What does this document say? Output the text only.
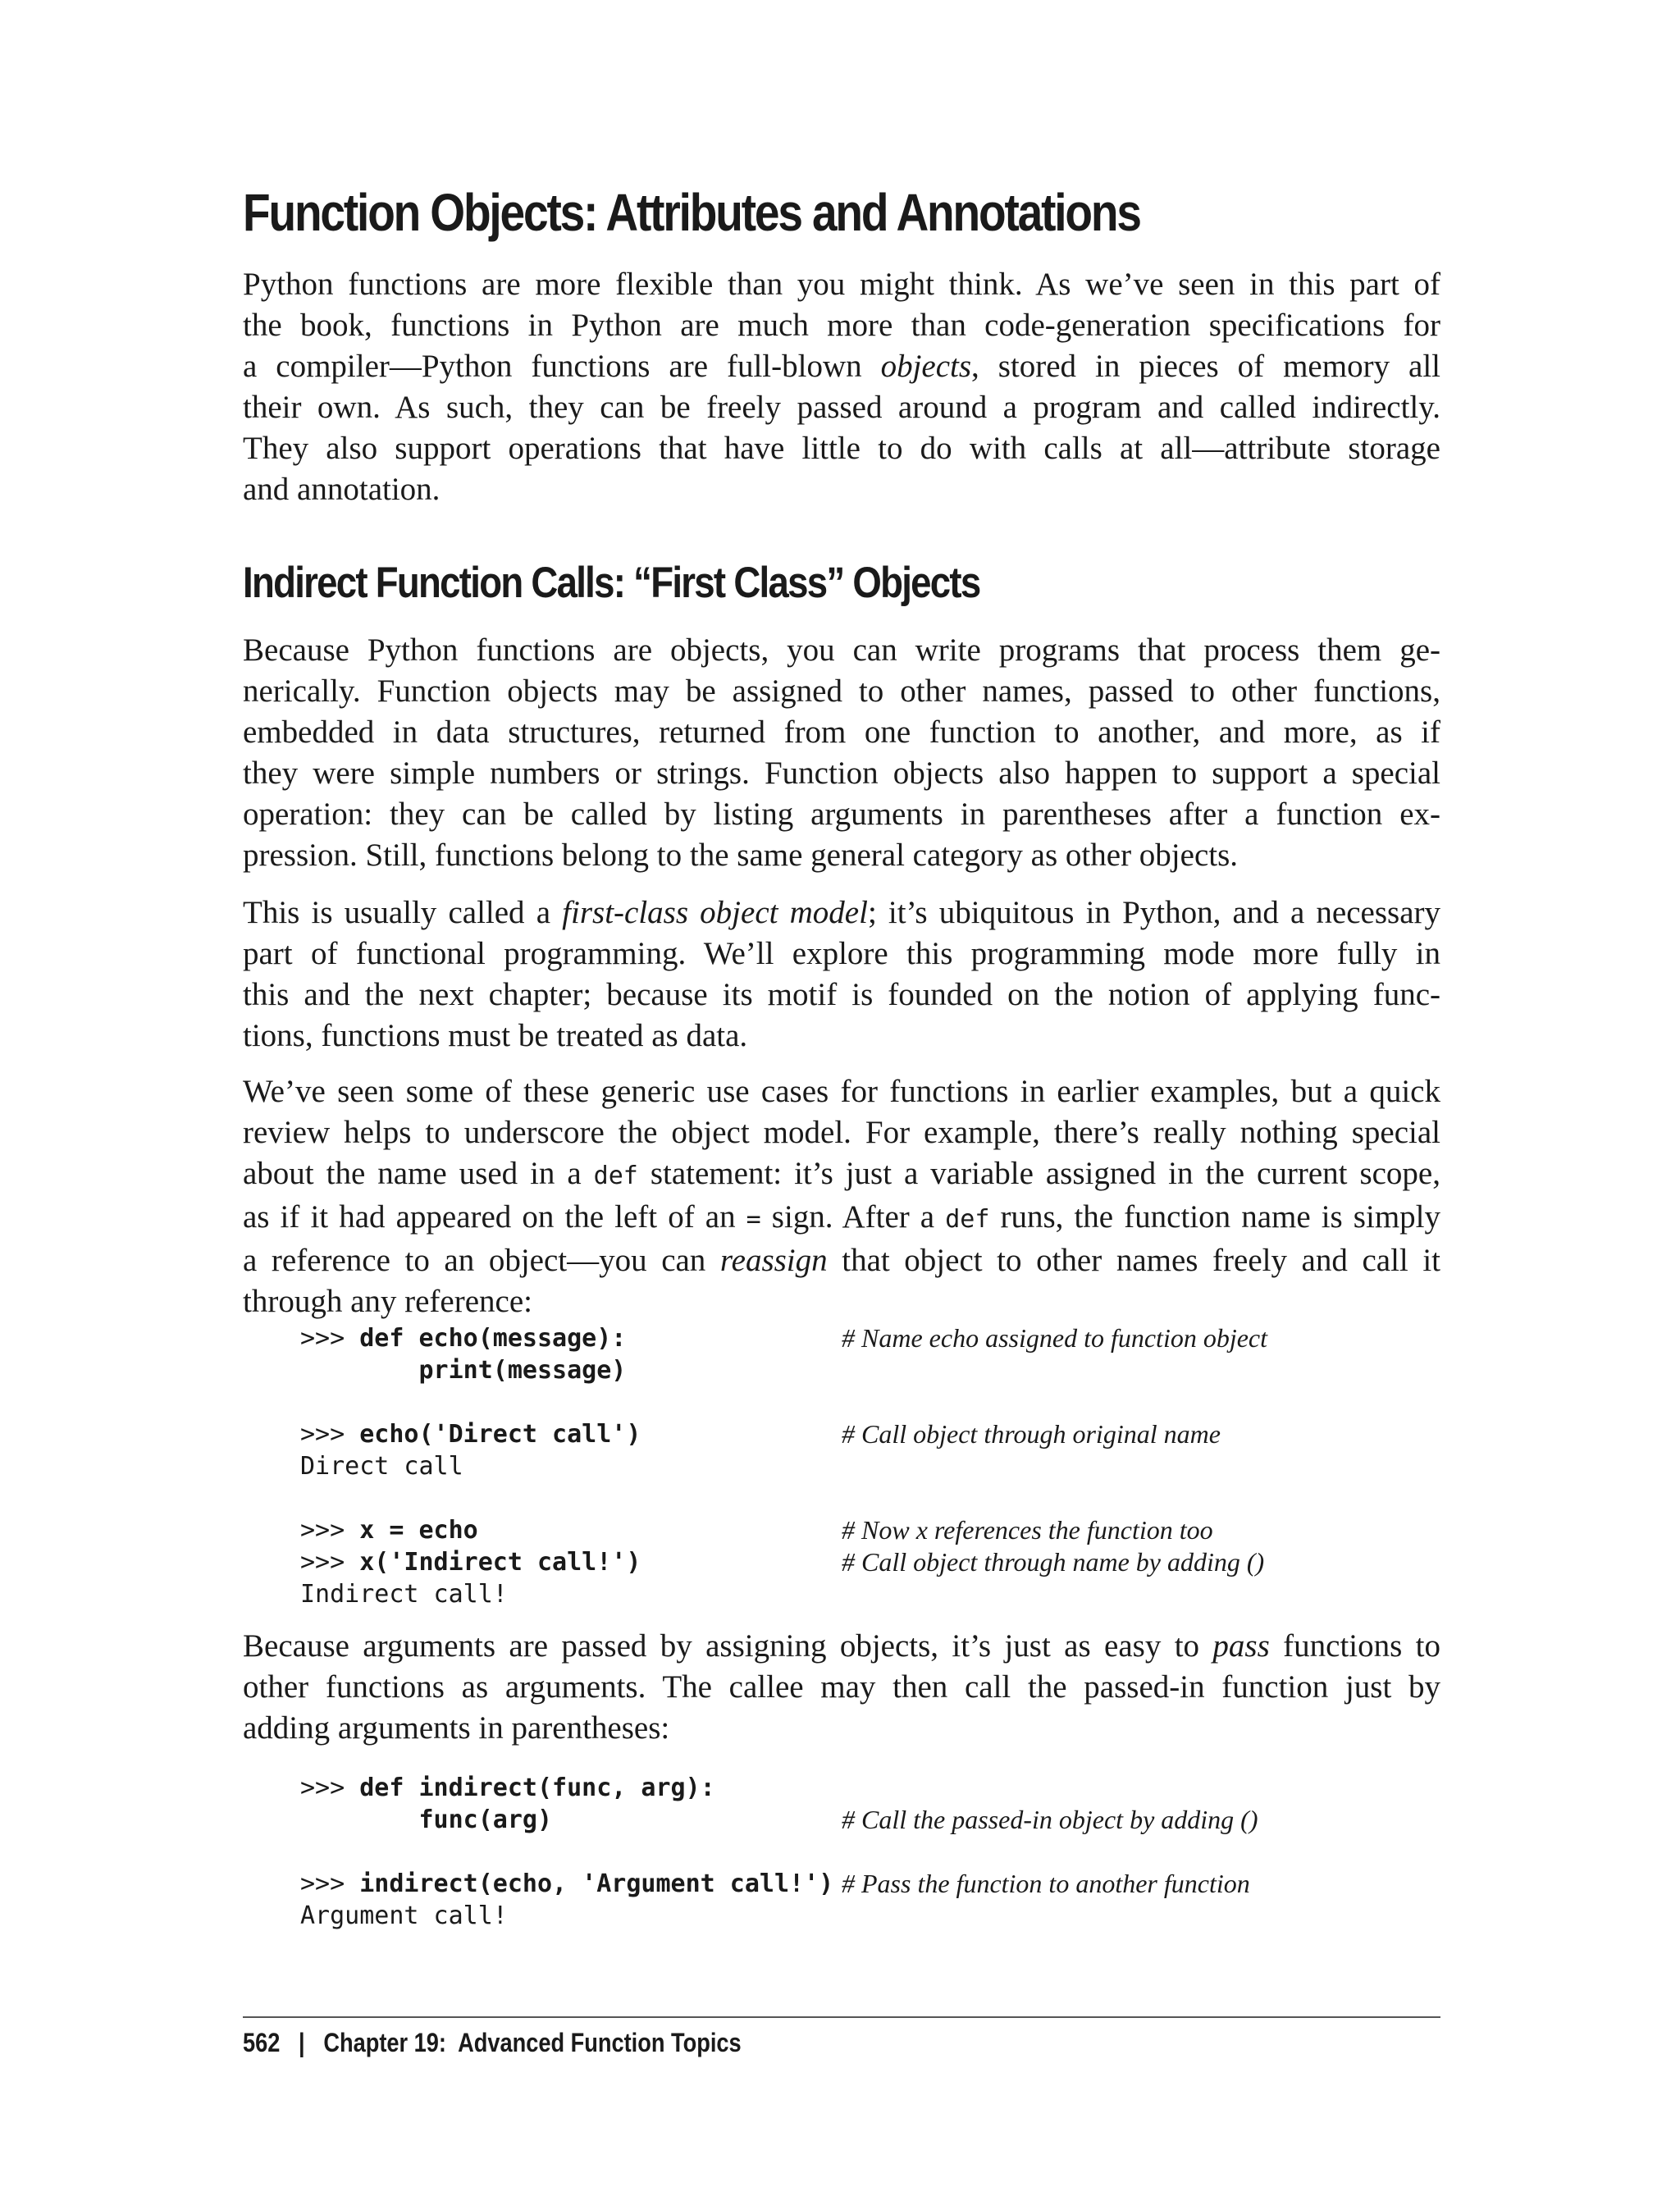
Function Objects: Attributes and Annotations
Python functions are more flexible than you might think. As we’ve seen in this part of
the book, functions in Python are much more than code-generation specifications for
a compiler—Python functions are full-blown objects, stored in pieces of memory all
their own. As such, they can be freely passed around a program and called indirectly.
They also support operations that have little to do with calls at all—attribute storage
and annotation.
Indirect Function Calls: “First Class” Objects
Because Python functions are objects, you can write programs that process them ge-
nerically. Function objects may be assigned to other names, passed to other functions,
embedded in data structures, returned from one function to another, and more, as if
they were simple numbers or strings. Function objects also happen to support a special
operation: they can be called by listing arguments in parentheses after a function ex-
pression. Still, functions belong to the same general category as other objects.
This is usually called a first-class object model; it’s ubiquitous in Python, and a necessary
part of functional programming. We’ll explore this programming mode more fully in
this and the next chapter; because its motif is founded on the notion of applying func-
tions, functions must be treated as data.
We’ve seen some of these generic use cases for functions in earlier examples, but a quick
review helps to underscore the object model. For example, there’s really nothing special
about the name used in a def statement: it’s just a variable assigned in the current scope,
as if it had appeared on the left of an = sign. After a def runs, the function name is simply
a reference to an object—you can reassign that object to other names freely and call it
through any reference:
>>> def echo(message):	# Name echo assigned to function object
print(message)
>>> echo('Direct call')	# Call object through original name
Direct call
>>> x = echo	# Now x references the function too
>>> x('Indirect call!')	# Call object through name by adding ()
Indirect call!
Because arguments are passed by assigning objects, it’s just as easy to pass functions to
other functions as arguments. The callee may then call the passed-in function just by
adding arguments in parentheses:
>>> def indirect(func, arg):
func(arg)	# Call the passed-in object by adding ()
>>> indirect(echo, 'Argument call!') # Pass the function to another function
Argument call!
562 | Chapter 19:  Advanced Function Topics
